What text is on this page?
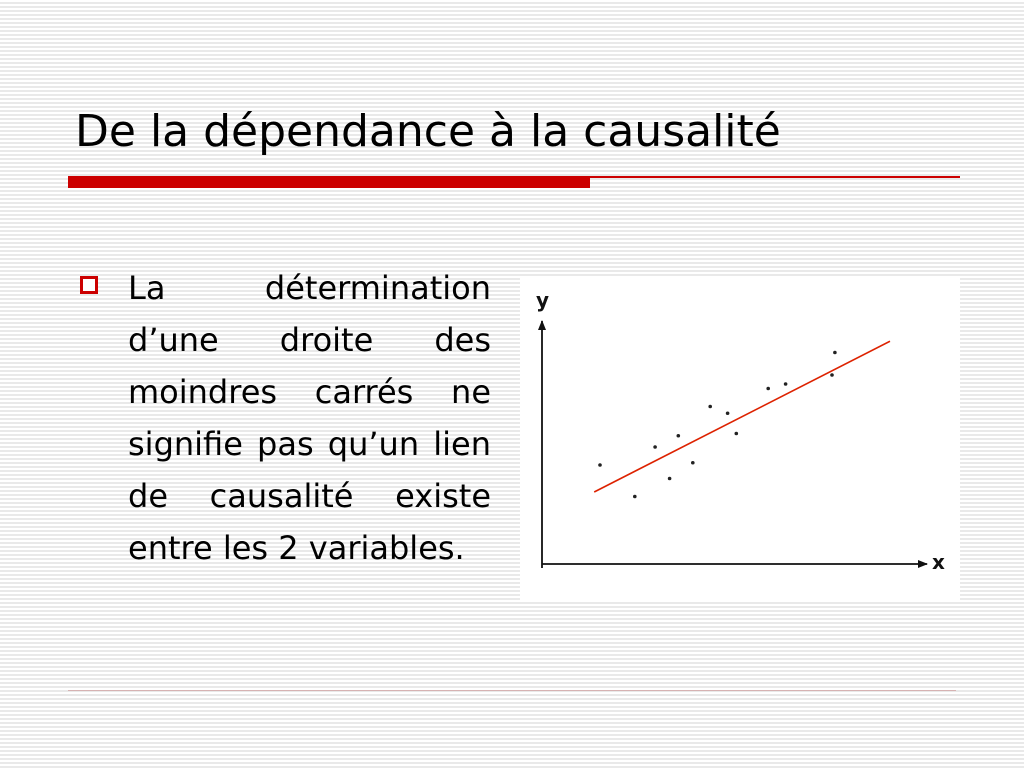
De la dépendance à la causalité

La détermination d’une droite des moindres carrés ne signifie pas qu’un lien de causalité existe entre les 2 variables.

y
x
